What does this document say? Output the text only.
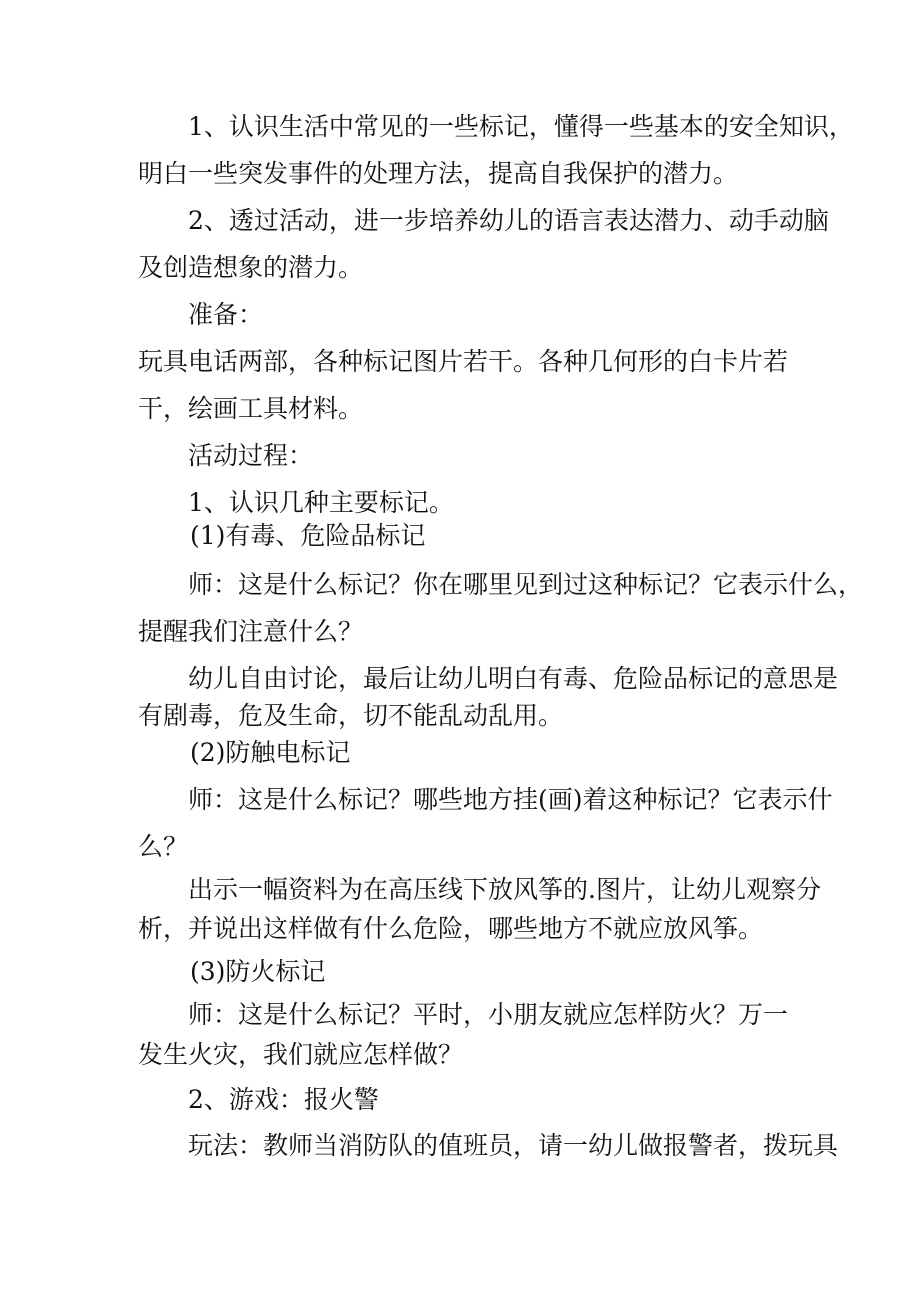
1、认识生活中常见的一些标记，懂得一些基本的安全知识，
明白一些突发事件的处理方法，提高自我保护的潜力。
2、透过活动，进一步培养幼儿的语言表达潜力、动手动脑
及创造想象的潜力。
准备：
玩具电话两部，各种标记图片若干。各种几何形的白卡片若
干，绘画工具材料。
活动过程：
1、认识几种主要标记。
(1)有毒、危险品标记
师：这是什么标记？你在哪里见到过这种标记？它表示什么，
提醒我们注意什么？
幼儿自由讨论，最后让幼儿明白有毒、危险品标记的意思是
有剧毒，危及生命，切不能乱动乱用。
(2)防触电标记
师：这是什么标记？哪些地方挂(画)着这种标记？它表示什
么？
出示一幅资料为在高压线下放风筝的.图片，让幼儿观察分
析，并说出这样做有什么危险，哪些地方不就应放风筝。
(3)防火标记
师：这是什么标记？平时，小朋友就应怎样防火？万一
发生火灾，我们就应怎样做？
2、游戏：报火警
玩法：教师当消防队的值班员，请一幼儿做报警者，拨玩具
